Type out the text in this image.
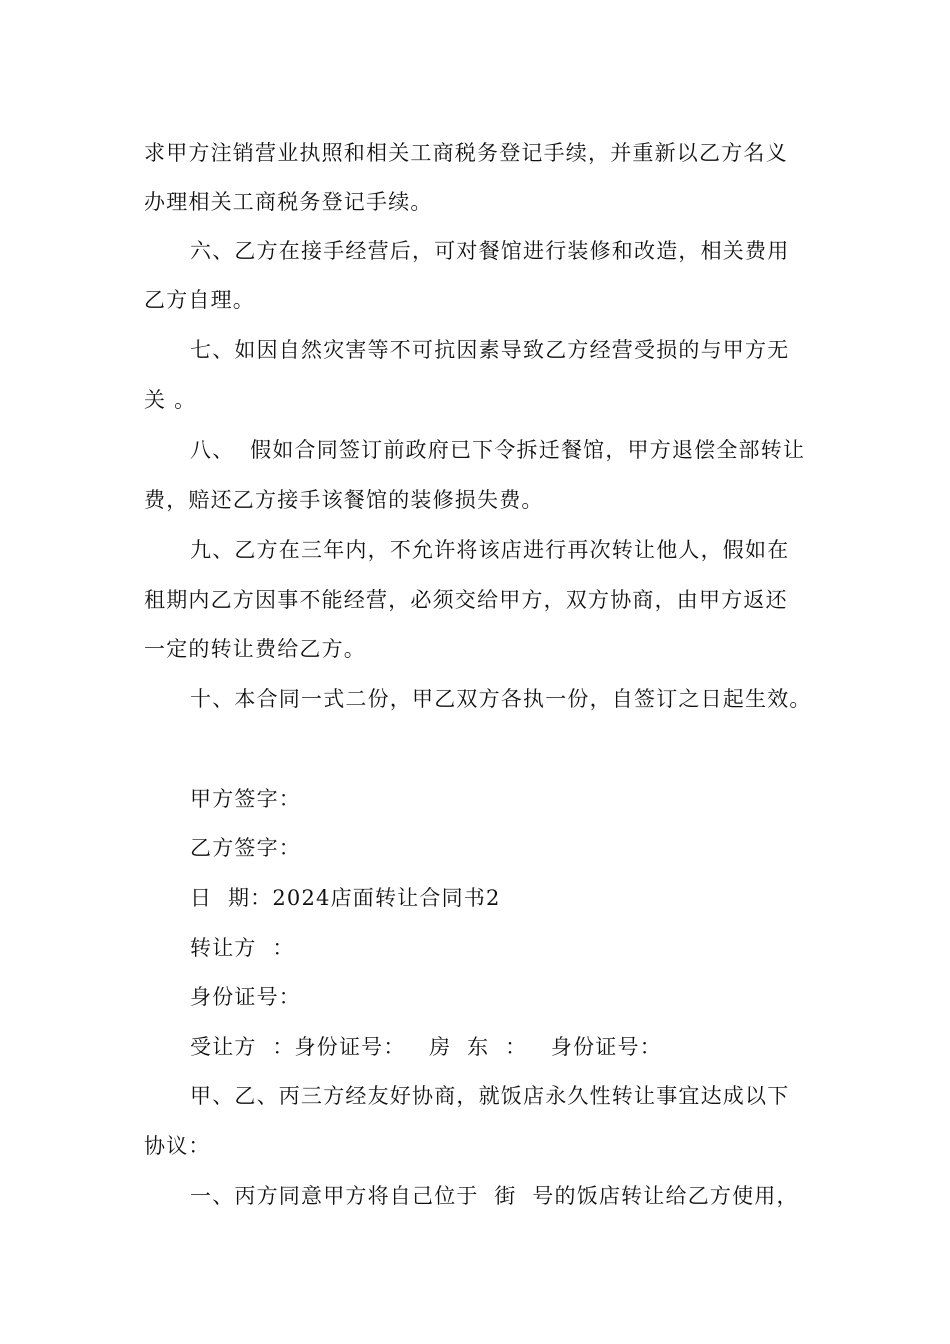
求甲方注销营业执照和相关工商税务登记手续，并重新以乙方名义
办理相关工商税务登记手续。
六、乙方在接手经营后，可对餐馆进行装修和改造，相关费用
乙方自理。
七、如因自然灾害等不可抗因素导致乙方经营受损的与甲方无
关 。
八、  假如合同签订前政府已下令拆迁餐馆，甲方退偿全部转让
费，赔还乙方接手该餐馆的装修损失费。
九、乙方在三年内，不允许将该店进行再次转让他人，假如在
租期内乙方因事不能经营，必须交给甲方，双方协商，由甲方返还
一定的转让费给乙方。
十、本合同一式二份，甲乙双方各执一份，自签订之日起生效。
甲方签字：
乙方签字：
日  期：2024店面转让合同书2
转让方  ：
身份证号：
受让方  ：身份证号：   房  东  ：   身份证号：
甲、乙、丙三方经友好协商，就饭店永久性转让事宜达成以下
协议：
一、丙方同意甲方将自己位于  街  号的饭店转让给乙方使用，
